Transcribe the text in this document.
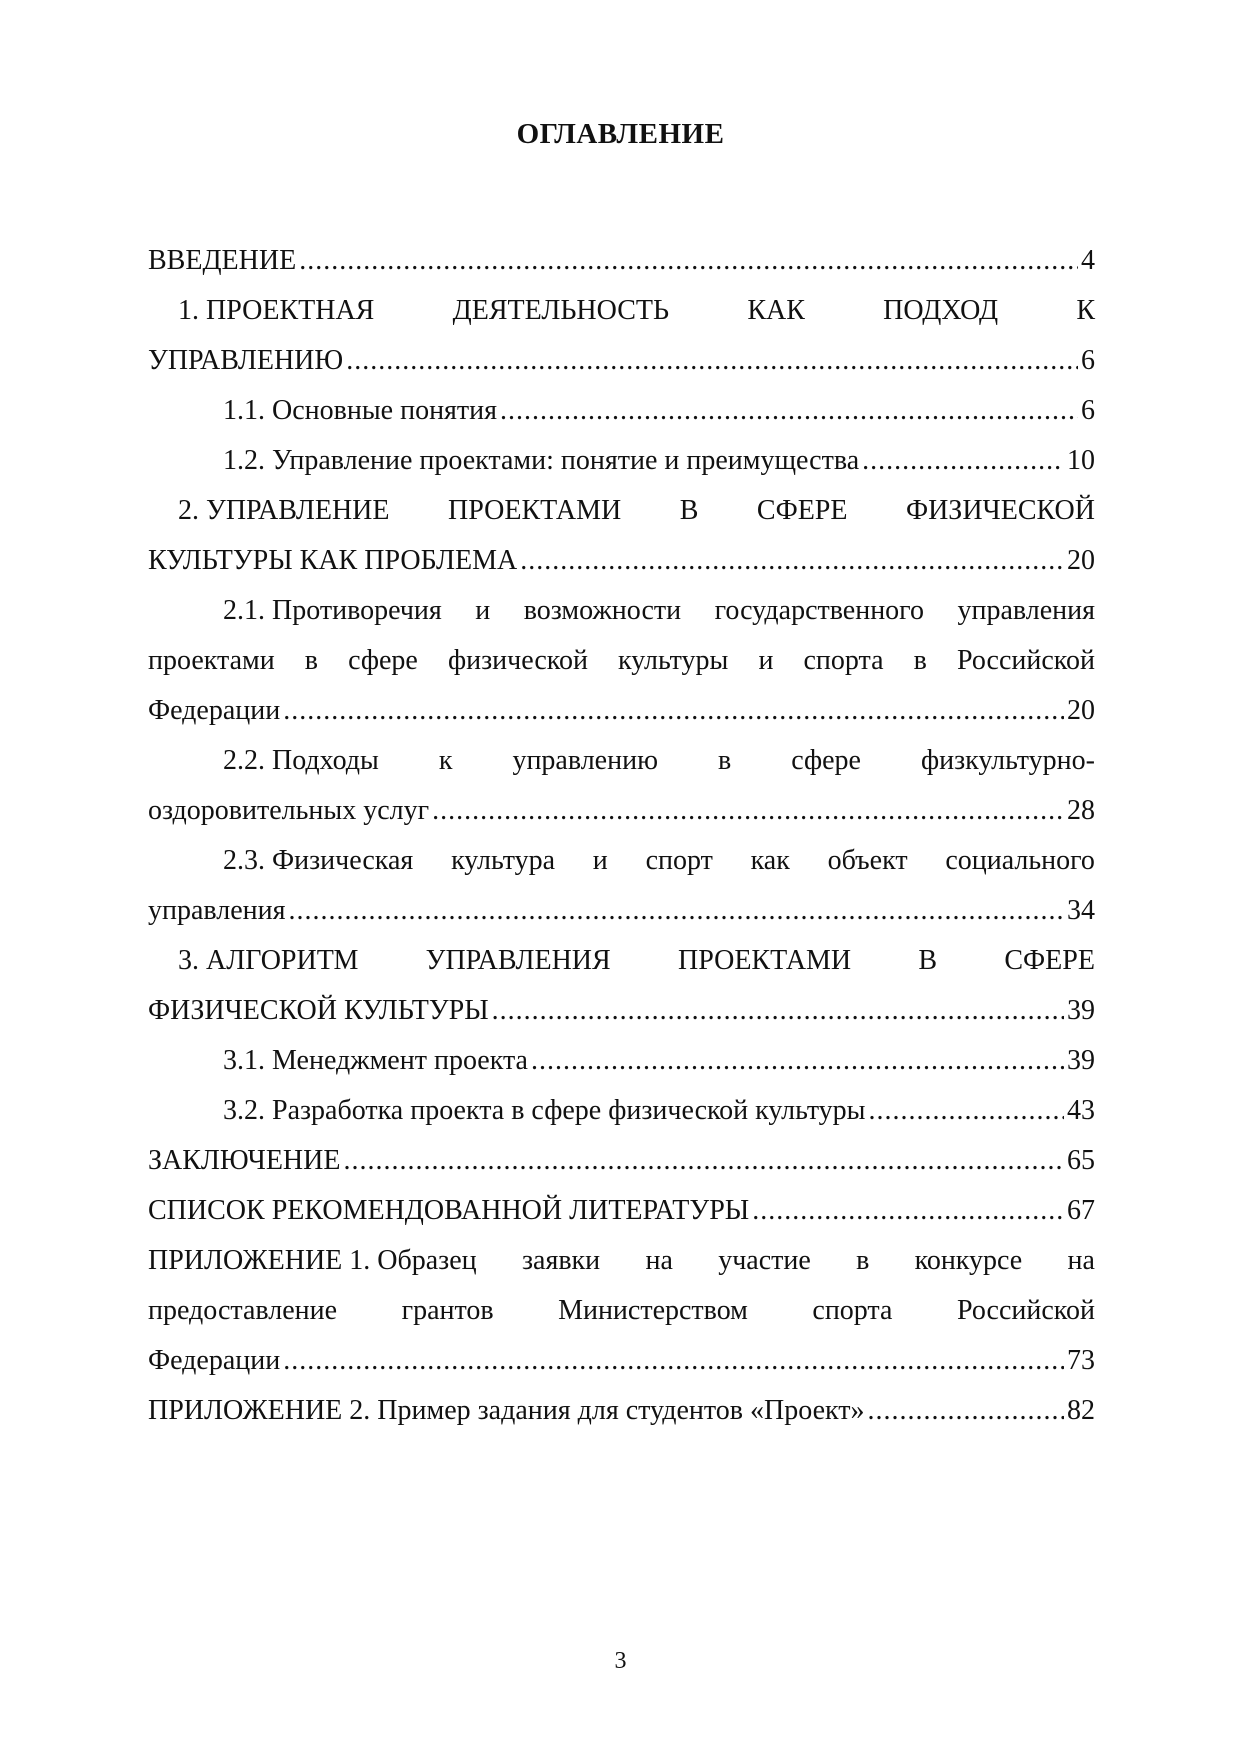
ОГЛАВЛЕНИЕ
ВВЕДЕНИЕ .....	4
1. ПРОЕКТНАЯ	ДЕЯТЕЛЬНОСТЬ	КАК	ПОДХОД	К
УПРАВЛЕНИЮ .....	6
1.1. Основные понятия .....	6
1.2. Управление проектами: понятие и преимущества .....	10
2. УПРАВЛЕНИЕ ПРОЕКТАМИ В СФЕРЕ ФИЗИЧЕСКОЙ
КУЛЬТУРЫ КАК ПРОБЛЕМА .....	20
2.1. Противоречия и возможности государственного управления
проектами в сфере физической культуры и спорта в Российской
Федерации .....	20
2.2. Подходы к управлению в сфере физкультурно-
оздоровительных услуг .....	28
2.3. Физическая культура и спорт как объект социального
управления .....	34
3. АЛГОРИТМ УПРАВЛЕНИЯ ПРОЕКТАМИ В СФЕРЕ
ФИЗИЧЕСКОЙ КУЛЬТУРЫ .....	39
3.1. Менеджмент проекта .....	39
3.2. Разработка проекта в сфере физической культуры .....	43
ЗАКЛЮЧЕНИЕ .....	65
СПИСОК РЕКОМЕНДОВАННОЙ ЛИТЕРАТУРЫ .....	67
ПРИЛОЖЕНИЕ 1. Образец заявки на участие в конкурсе на
предоставление грантов Министерством спорта Российской
Федерации .....	73
ПРИЛОЖЕНИЕ 2. Пример задания для студентов «Проект» .....	82
3
